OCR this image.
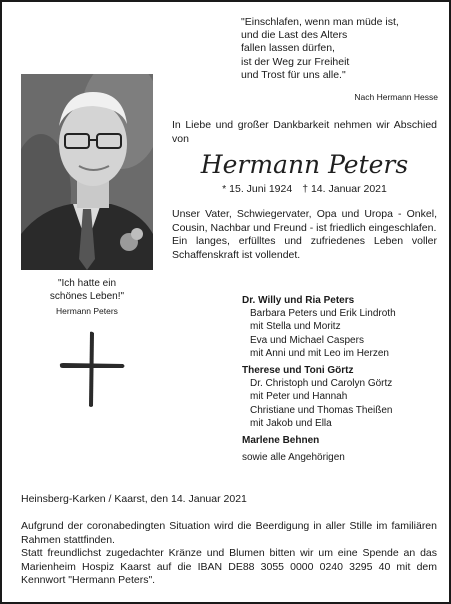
"Einschlafen, wenn man müde ist,
und die Last des Alters
fallen lassen dürfen,
ist der Weg zur Freiheit
und Trost für uns alle."
Nach Hermann Hesse
"Ich hatte ein
schönes Leben!"
Hermann Peters
In Liebe und großer Dankbarkeit nehmen wir Abschied von
Hermann Peters
* 15. Juni 1924 † 14. Januar 2021

Unser Vater, Schwiegervater, Opa und Uropa - Onkel, Cousin, Nachbar und Freund - ist friedlich eingeschlafen.

Ein langes, erfülltes und zufriedenes Leben voller Schaffenskraft ist vollendet.

Dr. Willy und Ria Peters
Barbara Peters und Erik Lindroth
mit Stella und Moritz
Eva und Michael Caspers
mit Anni und mit Leo im Herzen
Therese und Toni Görtz
Dr. Christoph und Carolyn Görtz
mit Peter und Hannah
Christiane und Thomas Theißen
mit Jakob und Ella
Marlene Behnen
sowie alle Angehörigen
Heinsberg-Karken / Kaarst, den 14. Januar 2021

Aufgrund der coronabedingten Situation wird die Beerdigung in aller Stille im familiären Rahmen stattfinden.

Statt freundlichst zugedachter Kränze und Blumen bitten wir um eine Spende an das Marienheim Hospiz Kaarst auf die IBAN DE88 3055 0000 0240 3295 40 mit dem Kennwort "Hermann Peters".
